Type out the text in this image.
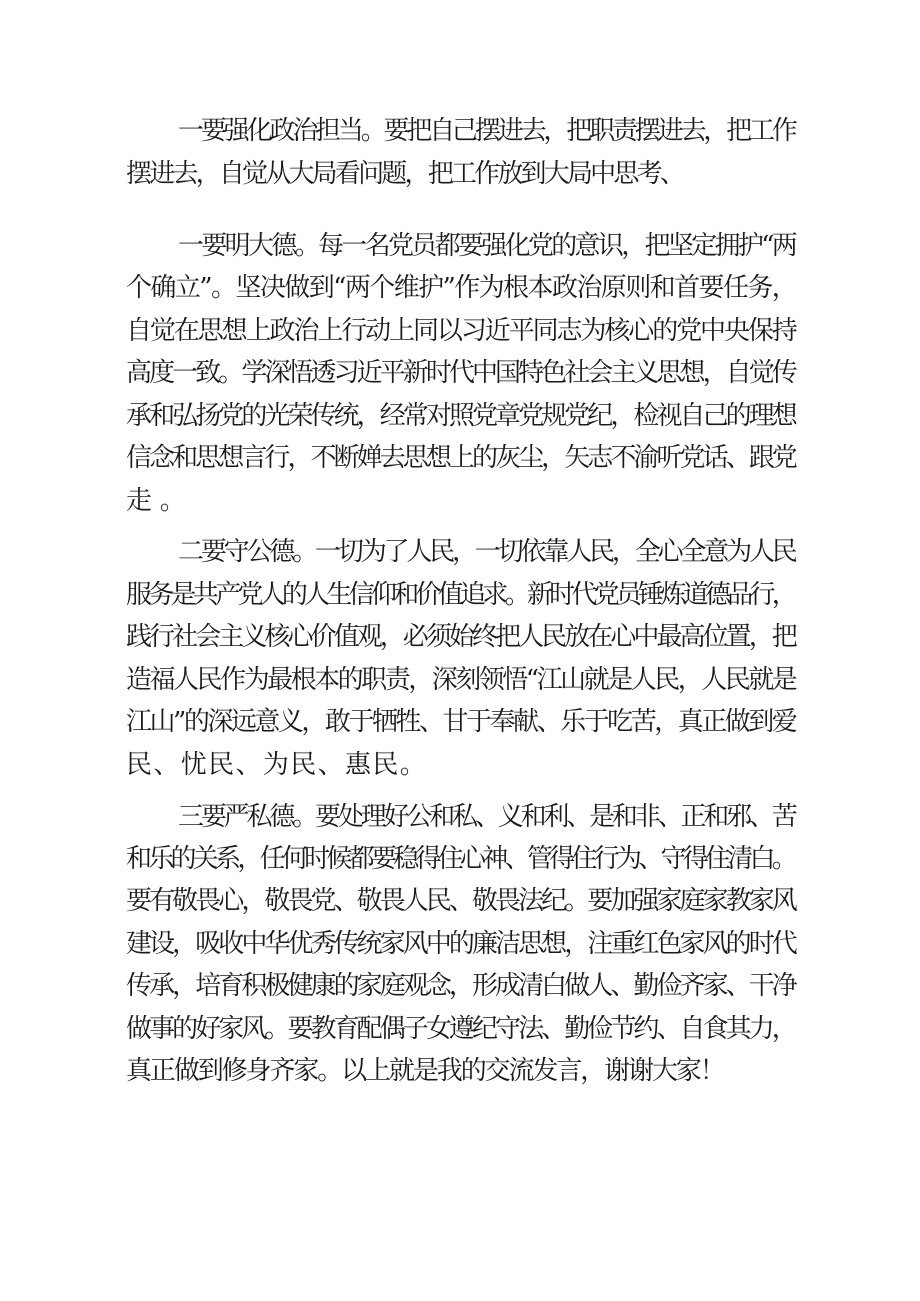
一要强化政治担当。要把自己摆进去，把职责摆进去，把工作
摆进去，自觉从大局看问题，把工作放到大局中思考、
一要明大德。每一名党员都要强化党的意识，把坚定拥护“两
个确立”。坚决做到“两个维护”作为根本政治原则和首要任务，
自觉在思想上政治上行动上同以习近平同志为核心的党中央保持
高度一致。学深悟透习近平新时代中国特色社会主义思想，自觉传
承和弘扬党的光荣传统，经常对照党章党规党纪，检视自己的理想
信念和思想言行，不断婵去思想上的灰尘，矢志不渝听党话、跟党
走。
二要守公德。一切为了人民，一切依靠人民，全心全意为人民
服务是共产党人的人生信仰和价值追求。新时代党员锤炼道德品行，
践行社会主义核心价值观，必须始终把人民放在心中最高位置，把
造福人民作为最根本的职责，深刻领悟“江山就是人民，人民就是
江山”的深远意义，敢于牺牲、甘于奉献、乐于吃苦，真正做到爱
民、忧民、为民、惠民。
三要严私德。要处理好公和私、义和利、是和非、正和邪、苦
和乐的关系，任何时候都要稳得住心神、管得住行为、守得住清白。
要有敬畏心，敬畏党、敬畏人民、敬畏法纪。要加强家庭家教家风
建设，吸收中华优秀传统家风中的廉洁思想，注重红色家风的时代
传承，培育积极健康的家庭观念，形成清白做人、勤俭齐家、干净
做事的好家风。要教育配偶子女遵纪守法、勤俭节约、自食其力，
真正做到修身齐家。以上就是我的交流发言，谢谢大家！
